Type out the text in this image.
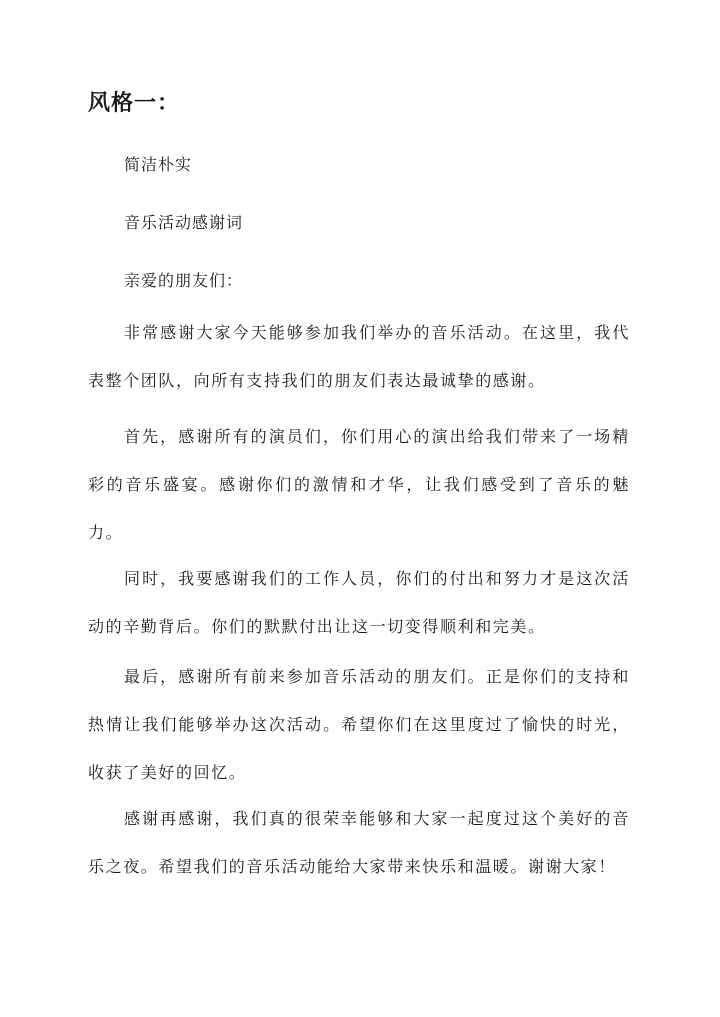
风格一：

简洁朴实

音乐活动感谢词

亲爱的朋友们：

非常感谢大家今天能够参加我们举办的音乐活动。在这里，我代表整个团队，向所有支持我们的朋友们表达最诚挚的感谢。

首先，感谢所有的演员们，你们用心的演出给我们带来了一场精彩的音乐盛宴。感谢你们的激情和才华，让我们感受到了音乐的魅力。

同时，我要感谢我们的工作人员，你们的付出和努力才是这次活动的辛勤背后。你们的默默付出让这一切变得顺利和完美。

最后，感谢所有前来参加音乐活动的朋友们。正是你们的支持和热情让我们能够举办这次活动。希望你们在这里度过了愉快的时光，收获了美好的回忆。

感谢再感谢，我们真的很荣幸能够和大家一起度过这个美好的音乐之夜。希望我们的音乐活动能给大家带来快乐和温暖。谢谢大家！
